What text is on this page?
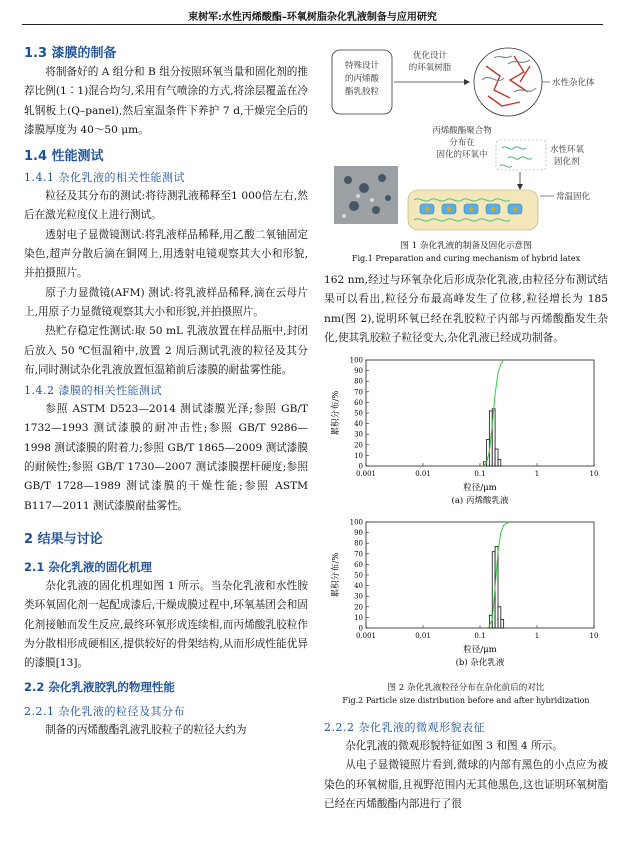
束树军:水性丙烯酸酯–环氧树脂杂化乳液制备与应用研究
1.3 漆膜的制备

将制备好的 A 组分和 B 组分按照环氧当量和固化剂的推荐比例(1∶1)混合均匀,采用有气喷涂的方式,将涂层覆盖在冷轧钢板上(Q–panel),然后室温条件下养护 7 d,干燥完全后的漆膜厚度为 40～50 μm。

1.4 性能测试
1.4.1 杂化乳液的相关性能测试

粒径及其分布的测试:将待测乳液稀释至1 000倍左右,然后在激光粒度仪上进行测试。

透射电子显微镜测试:将乳液样品稀释,用乙酸二氧铀固定染色,超声分散后滴在铜网上,用透射电镜观察其大小和形貌,并拍摄照片。

原子力显微镜(AFM) 测试:将乳液样品稀释,滴在云母片上,用原子力显微镜观察其大小和形貌,并拍摄照片。

热贮存稳定性测试:取 50 mL 乳液放置在样品瓶中,封闭后放入 50 ℃恒温箱中,放置 2 周后测试乳液的粒径及其分布,同时测试杂化乳液放置恒温箱前后漆膜的耐盐雾性能。

1.4.2 漆膜的相关性能测试

参照 ASTM D523—2014 测试漆膜光泽;参照 GB/T 1732—1993 测试漆膜的耐冲击性;参照 GB/T 9286—1998 测试漆膜的附着力;参照 GB/T 1865—2009 测试漆膜的耐候性;参照 GB/T 1730—2007 测试漆膜摆杆硬度;参照 GB/T 1728—1989 测试漆膜的干燥性能;参照 ASTM B117—2011 测试漆膜耐盐雾性。

2 结果与讨论
2.1 杂化乳液的固化机理

杂化乳液的固化机理如图 1 所示。当杂化乳液和水性胺类环氧固化剂一起配成漆后,干燥成膜过程中,环氧基团会和固化剂接触而发生反应,最终环氧形成连续相,而丙烯酸乳胶粒作为分散相形成硬相区,提供较好的骨架结构,从而形成性能优异的漆膜[13]。

2.2 杂化乳液胶乳的物理性能
2.2.1 杂化乳液的粒径及其分布

制备的丙烯酸酯乳液乳胶粒子的粒径大约为

特殊设计
的丙烯酸
酯乳胶粒
优化设计
的环氧树脂
水性杂化体
丙烯酸酯聚合物
分布在
固化的环氧中	水性环氧
固化剂
常温固化

图 1 杂化乳液的制备及固化示意图

Fig.1 Preparation and curing mechanism of hybrid latex

162 nm,经过与环氧杂化后形成杂化乳液,由粒径分布测试结果可以看出,粒径分布最高峰发生了位移,粒径增长为 185 nm(图 2),说明环氧已经在乳胶粒子内部与丙烯酸酯发生杂化,使其乳胶粒子粒径变大,杂化乳液已经成功制备。

0
10
20
30
40
50
60
70
80
90
100
0.001	0.01	0.1	1	10
粒径/μm
(a) 丙烯酸乳液
累积分布/%

0
10
20
30
40
50
60
70
80
90
100
0.001	0.01	0.1	1	10
粒径/μm
(b) 杂化乳液
累积分布/%

图 2 杂化乳液粒径分布在杂化前后的对比

Fig.2 Particle size distribution before and after hybridization

2.2.2 杂化乳液的微观形貌表征

杂化乳液的微观形貌特征如图 3 和图 4 所示。

从电子显微镜照片看到,微球的内部有黑色的小点应为被染色的环氧树脂,且视野范围内无其他黑色,这也证明环氧树脂已经在丙烯酸酯内部进行了很
